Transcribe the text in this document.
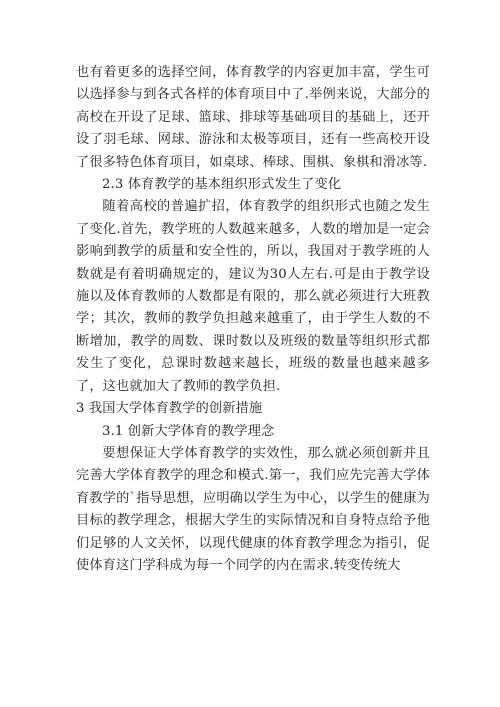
也有着更多的选择空间，体育教学的内容更加丰富，学生可以选择参与到各式各样的体育项目中了.举例来说，大部分的高校在开设了足球、篮球、排球等基础项目的基础上，还开设了羽毛球、网球、游泳和太极等项目，还有一些高校开设了很多特色体育项目，如桌球、棒球、围棋、象棋和滑冰等.

2.3 体育教学的基本组织形式发生了变化

随着高校的普遍扩招，体育教学的组织形式也随之发生了变化.首先，教学班的人数越来越多，人数的增加是一定会影响到教学的质量和安全性的，所以，我国对于教学班的人数就是有着明确规定的，建议为30人左右.可是由于教学设施以及体育教师的人数都是有限的，那么就必须进行大班教学；其次，教师的教学负担越来越重了，由于学生人数的不断增加，教学的周数、课时数以及班级的数量等组织形式都发生了变化，总课时数越来越长，班级的数量也越来越多了，这也就加大了教师的教学负担.

3 我国大学体育教学的创新措施

3.1 创新大学体育的教学理念

要想保证大学体育教学的实效性，那么就必须创新并且完善大学体育教学的理念和模式.第一，我们应先完善大学体育教学的`指导思想，应明确以学生为中心，以学生的健康为目标的教学理念，根据大学生的实际情况和自身特点给予他们足够的人文关怀，以现代健康的体育教学理念为指引，促使体育这门学科成为每一个同学的内在需求.转变传统大
